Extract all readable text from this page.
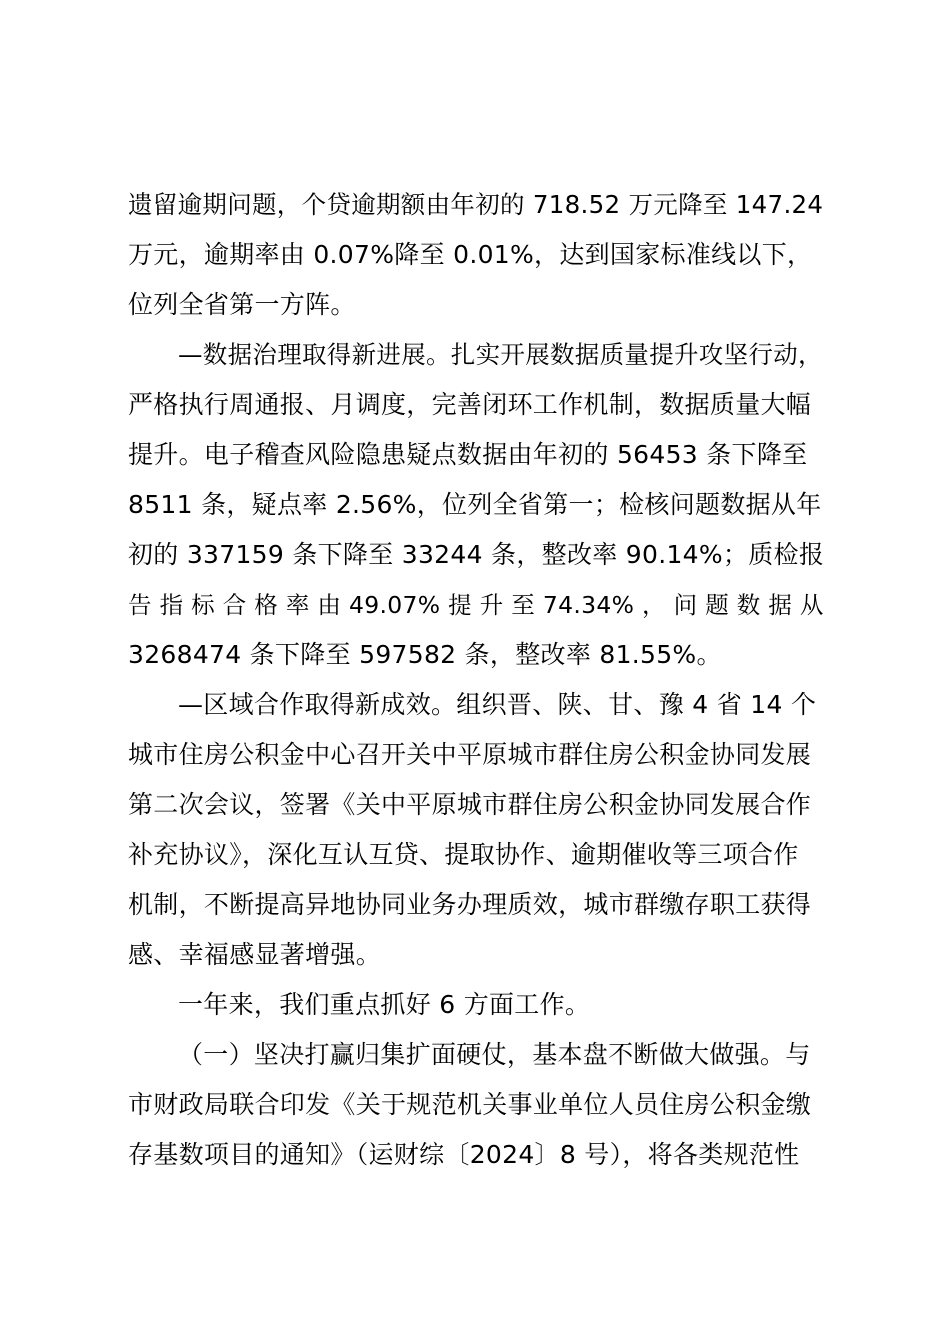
遗留逾期问题，个贷逾期额由年初的 718.52 万元降至 147.24
万元，逾期率由 0.07%降至 0.01%，达到国家标准线以下，
位列全省第一方阵。
—数据治理取得新进展。扎实开展数据质量提升攻坚行动，
严格执行周通报、月调度，完善闭环工作机制，数据质量大幅
提升。电子稽查风险隐患疑点数据由年初的 56453 条下降至
8511 条，疑点率 2.56%，位列全省第一；检核问题数据从年
初的 337159 条下降至 33244 条，整改率 90.14%；质检报
告 指 标 合 格 率 由 49.07% 提 升 至 74.34% ， 问 题 数 据 从
3268474 条下降至 597582 条，整改率 81.55%。
—区域合作取得新成效。组织晋、陕、甘、豫 4 省 14 个
城市住房公积金中心召开关中平原城市群住房公积金协同发展
第二次会议，签署《关中平原城市群住房公积金协同发展合作
补充协议》，深化互认互贷、提取协作、逾期催收等三项合作
机制，不断提高异地协同业务办理质效，城市群缴存职工获得
感、幸福感显著增强。
一年来，我们重点抓好 6 方面工作。
（一）坚决打赢归集扩面硬仗，基本盘不断做大做强。与
市财政局联合印发《关于规范机关事业单位人员住房公积金缴
存基数项目的通知》（运财综〔2024〕8 号），将各类规范性
